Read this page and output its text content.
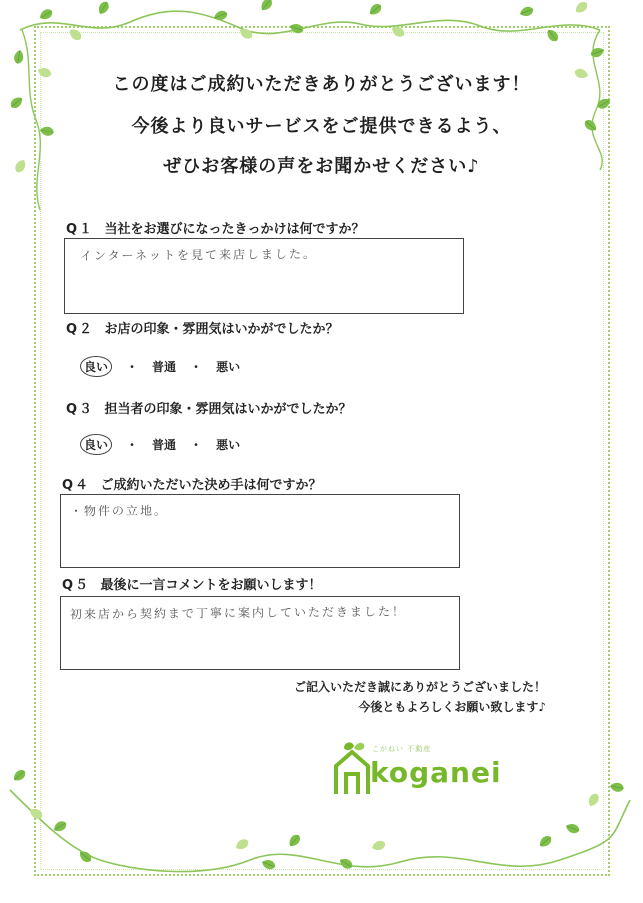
この度はご成約いただきありがとうございます！
今後より良いサービスをご提供できるよう、
ぜひお客様の声をお聞かせください♪
Q１ 当社をお選びになったきっかけは何ですか？
インターネットを見て来店しました。
Q２ お店の印象・雰囲気はいかがでしたか？
良い ・ 普通 ・ 悪い
Q３ 担当者の印象・雰囲気はいかがでしたか？
良い ・ 普通 ・ 悪い
Q４ ご成約いただいた決め手は何ですか？
・物件の立地。
Q５ 最後に一言コメントをお願いします！
初来店から契約まで丁寧に案内していただきました！
ご記入いただき誠にありがとうございました！
今後ともよろしくお願い致します♪
こがねい 不動産
koganei
